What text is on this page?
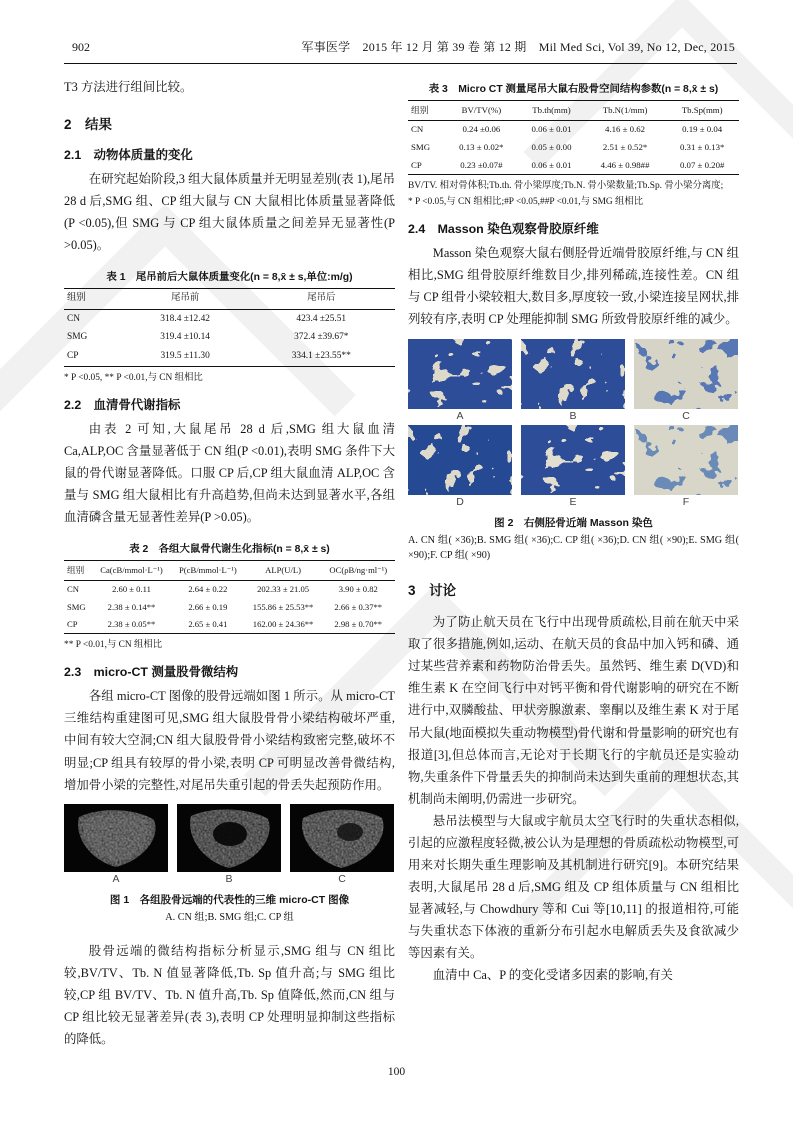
902	军事医学　2015 年 12 月 第 39 卷 第 12 期　Mil Med Sci, Vol 39, No 12, Dec, 2015

T3 方法进行组间比较。

2　结果
2.1　动物体质量的变化

在研究起始阶段,3 组大鼠体质量并无明显差别(表 1),尾吊 28 d 后,SMG 组、CP 组大鼠与 CN 大鼠相比体质量显著降低(P <0.05),但 SMG 与 CP 组大鼠体质量之间差异无显著性(P >0.05)。

表 1　尾吊前后大鼠体质量变化(n = 8,x̄ ± s,单位:m/g)
组别	尾吊前	尾吊后
CN	318.4 ±12.42	423.4 ±25.51
SMG	319.4 ±10.14	372.4 ±39.67*
CP	319.5 ±11.30	334.1 ±23.55**
* P <0.05, ** P <0.01,与 CN 组相比
2.2　血清骨代谢指标

由表 2 可知,大鼠尾吊 28 d 后,SMG 组大鼠血清 Ca,ALP,OC 含量显著低于 CN 组(P <0.01),表明 SMG 条件下大鼠的骨代谢显著降低。口服 CP 后,CP 组大鼠血清 ALP,OC 含量与 SMG 组大鼠相比有升高趋势,但尚未达到显著水平,各组血清磷含量无显著性差异(P >0.05)。

表 2　各组大鼠骨代谢生化指标(n = 8,x̄ ± s)
组别	Ca(cB/mmol·L⁻¹)	P(cB/mmol·L⁻¹)	ALP(U/L)	OC(ρB/ng·ml⁻¹)
CN	2.60 ± 0.11	2.64 ± 0.22	202.33 ± 21.05	3.90 ± 0.82
SMG	2.38 ± 0.14**	2.66 ± 0.19	155.86 ± 25.53**	2.66 ± 0.37**
CP	2.38 ± 0.05**	2.65 ± 0.41	162.00 ± 24.36**	2.98 ± 0.70**
** P <0.01,与 CN 组相比
2.3　micro-CT 测量股骨微结构

各组 micro-CT 图像的股骨远端如图 1 所示。从 micro-CT 三维结构重建图可见,SMG 组大鼠股骨骨小梁结构破坏严重,中间有较大空洞;CN 组大鼠股骨骨小梁结构致密完整,破坏不明显;CP 组具有较厚的骨小梁,表明 CP 可明显改善骨微结构,增加骨小梁的完整性,对尾吊失重引起的骨丢失起预防作用。

A	B	C
图 1　各组股骨远端的代表性的三维 micro-CT 图像
A. CN 组;B. SMG 组;C. CP 组

股骨远端的微结构指标分析显示,SMG 组与 CN 组比较,BV/TV、Tb. N 值显著降低,Tb. Sp 值升高;与 SMG 组比较,CP 组 BV/TV、Tb. N 值升高,Tb. Sp 值降低,然而,CN 组与 CP 组比较无显著差异(表 3),表明 CP 处理明显抑制这些指标的降低。

表 3　Micro CT 测量尾吊大鼠右股骨空间结构参数(n = 8,x̄ ± s)
组别	BV/TV(%)	Tb.th(mm)	Tb.N(1/mm)	Tb.Sp(mm)
CN	0.24 ±0.06	0.06 ± 0.01	4.16 ± 0.62	0.19 ± 0.04
SMG	0.13 ± 0.02*	0.05 ± 0.00	2.51 ± 0.52*	0.31 ± 0.13*
CP	0.23 ±0.07#	0.06 ± 0.01	4.46 ± 0.98##	0.07 ± 0.20#
BV/TV. 相对骨体积;Tb.th. 骨小梁厚度;Tb.N. 骨小梁数量;Tb.Sp. 骨小梁分离度;
* P <0.05,与 CN 组相比;#P <0.05,##P <0.01,与 SMG 组相比
2.4　Masson 染色观察骨胶原纤维

Masson 染色观察大鼠右侧胫骨近端骨胶原纤维,与 CN 组相比,SMG 组骨胶原纤维数目少,排列稀疏,连接性差。CN 组与 CP 组骨小梁较粗大,数目多,厚度较一致,小梁连接呈网状,排列较有序,表明 CP 处理能抑制 SMG 所致骨胶原纤维的减少。

A	B	C
D	E	F
图 2　右侧胫骨近端 Masson 染色
A. CN 组( ×36);B. SMG 组( ×36);C. CP 组( ×36);D. CN 组( ×90);E. SMG 组( ×90);F. CP 组( ×90)
3　讨论

为了防止航天员在飞行中出现骨质疏松,目前在航天中采取了很多措施,例如,运动、在航天员的食品中加入钙和磷、通过某些营养素和药物防治骨丢失。虽然钙、维生素 D(VD)和维生素 K 在空间飞行中对钙平衡和骨代谢影响的研究在不断进行中,双膦酸盐、甲状旁腺激素、睾酮以及维生素 K 对于尾吊大鼠(地面模拟失重动物模型)骨代谢和骨量影响的研究也有报道[3],但总体而言,无论对于长期飞行的宇航员还是实验动物,失重条件下骨量丢失的抑制尚未达到失重前的理想状态,其机制尚未阐明,仍需进一步研究。

悬吊法模型与大鼠或宇航员太空飞行时的失重状态相似,引起的应激程度轻微,被公认为是理想的骨质疏松动物模型,可用来对长期失重生理影响及其机制进行研究[9]。本研究结果表明,大鼠尾吊 28 d 后,SMG 组及 CP 组体质量与 CN 组相比显著减轻,与 Chowdhury 等和 Cui 等[10,11] 的报道相符,可能与失重状态下体液的重新分布引起水电解质丢失及食欲减少等因素有关。

血清中 Ca、P 的变化受诸多因素的影响,有关

100
